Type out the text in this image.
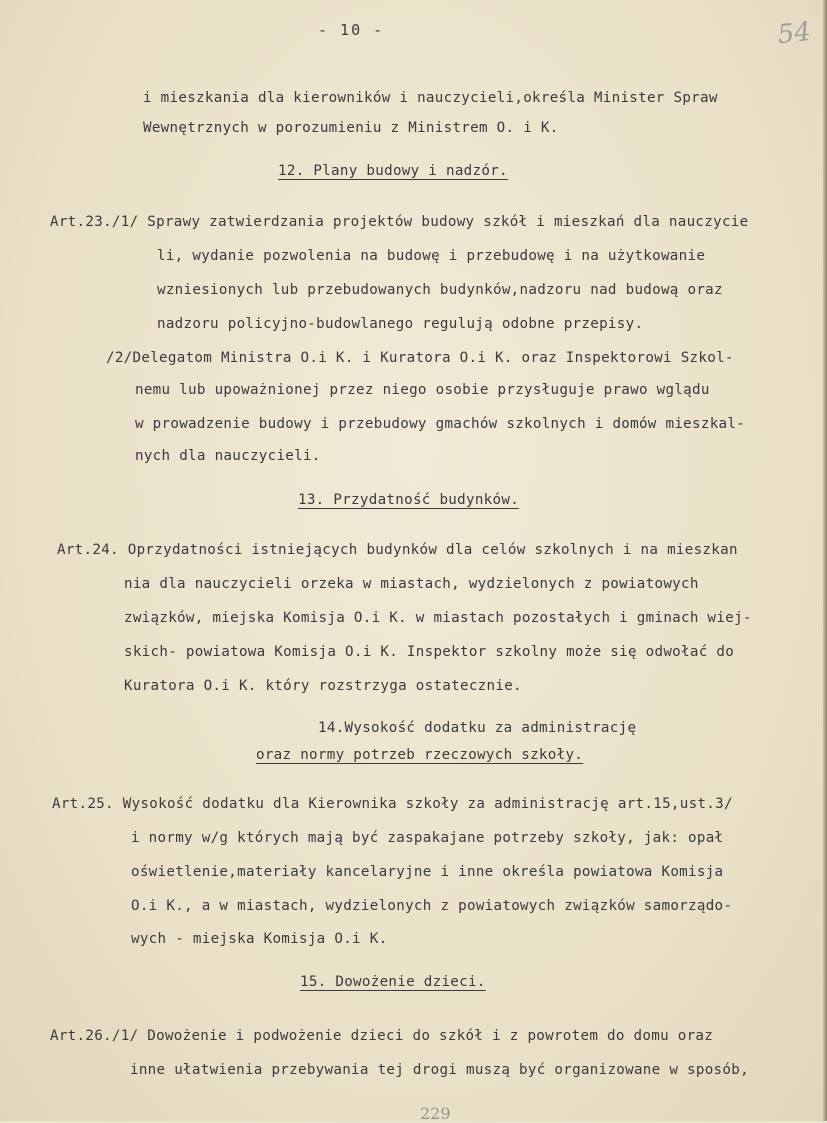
- 10 -	54
i mieszkania dla kierowników i nauczycieli,określa Minister Spraw
Wewnętrznych w porozumieniu z Ministrem O. i K.
12. Plany budowy i nadzór.
Art.23./1/ Sprawy zatwierdzania projektów budowy szkół i mieszkań dla nauczycie
li, wydanie pozwolenia na budowę i przebudowę i na użytkowanie
wzniesionych lub przebudowanych budynków,nadzoru nad budową oraz
nadzoru policyjno-budowlanego regulują odobne przepisy.
/2/Delegatom Ministra O.i K. i Kuratora O.i K. oraz Inspektorowi Szkol-
nemu lub upoważnionej przez niego osobie przysługuje prawo wglądu
w prowadzenie budowy i przebudowy gmachów szkolnych i domów mieszkal-
nych dla nauczycieli.
13. Przydatność budynków.
Art.24. Oprzydatności istniejących budynków dla celów szkolnych i na mieszkan
nia dla nauczycieli orzeka w miastach, wydzielonych z powiatowych
związków, miejska Komisja O.i K. w miastach pozostałych i gminach wiej-
skich- powiatowa Komisja O.i K. Inspektor szkolny może się odwołać do
Kuratora O.i K. który rozstrzyga ostatecznie.
14.Wysokość dodatku za administrację
oraz normy potrzeb rzeczowych szkoły.
Art.25. Wysokość dodatku dla Kierownika szkoły za administrację art.15,ust.3/
i normy w/g których mają być zaspakajane potrzeby szkoły, jak: opał
oświetlenie,materiały kancelaryjne i inne określa powiatowa Komisja
O.i K., a w miastach, wydzielonych z powiatowych związków samorządo-
wych - miejska Komisja O.i K.
15. Dowożenie dzieci.
Art.26./1/ Dowożenie i podwożenie dzieci do szkół i z powrotem do domu oraz
inne ułatwienia przebywania tej drogi muszą być organizowane w sposób,
229
